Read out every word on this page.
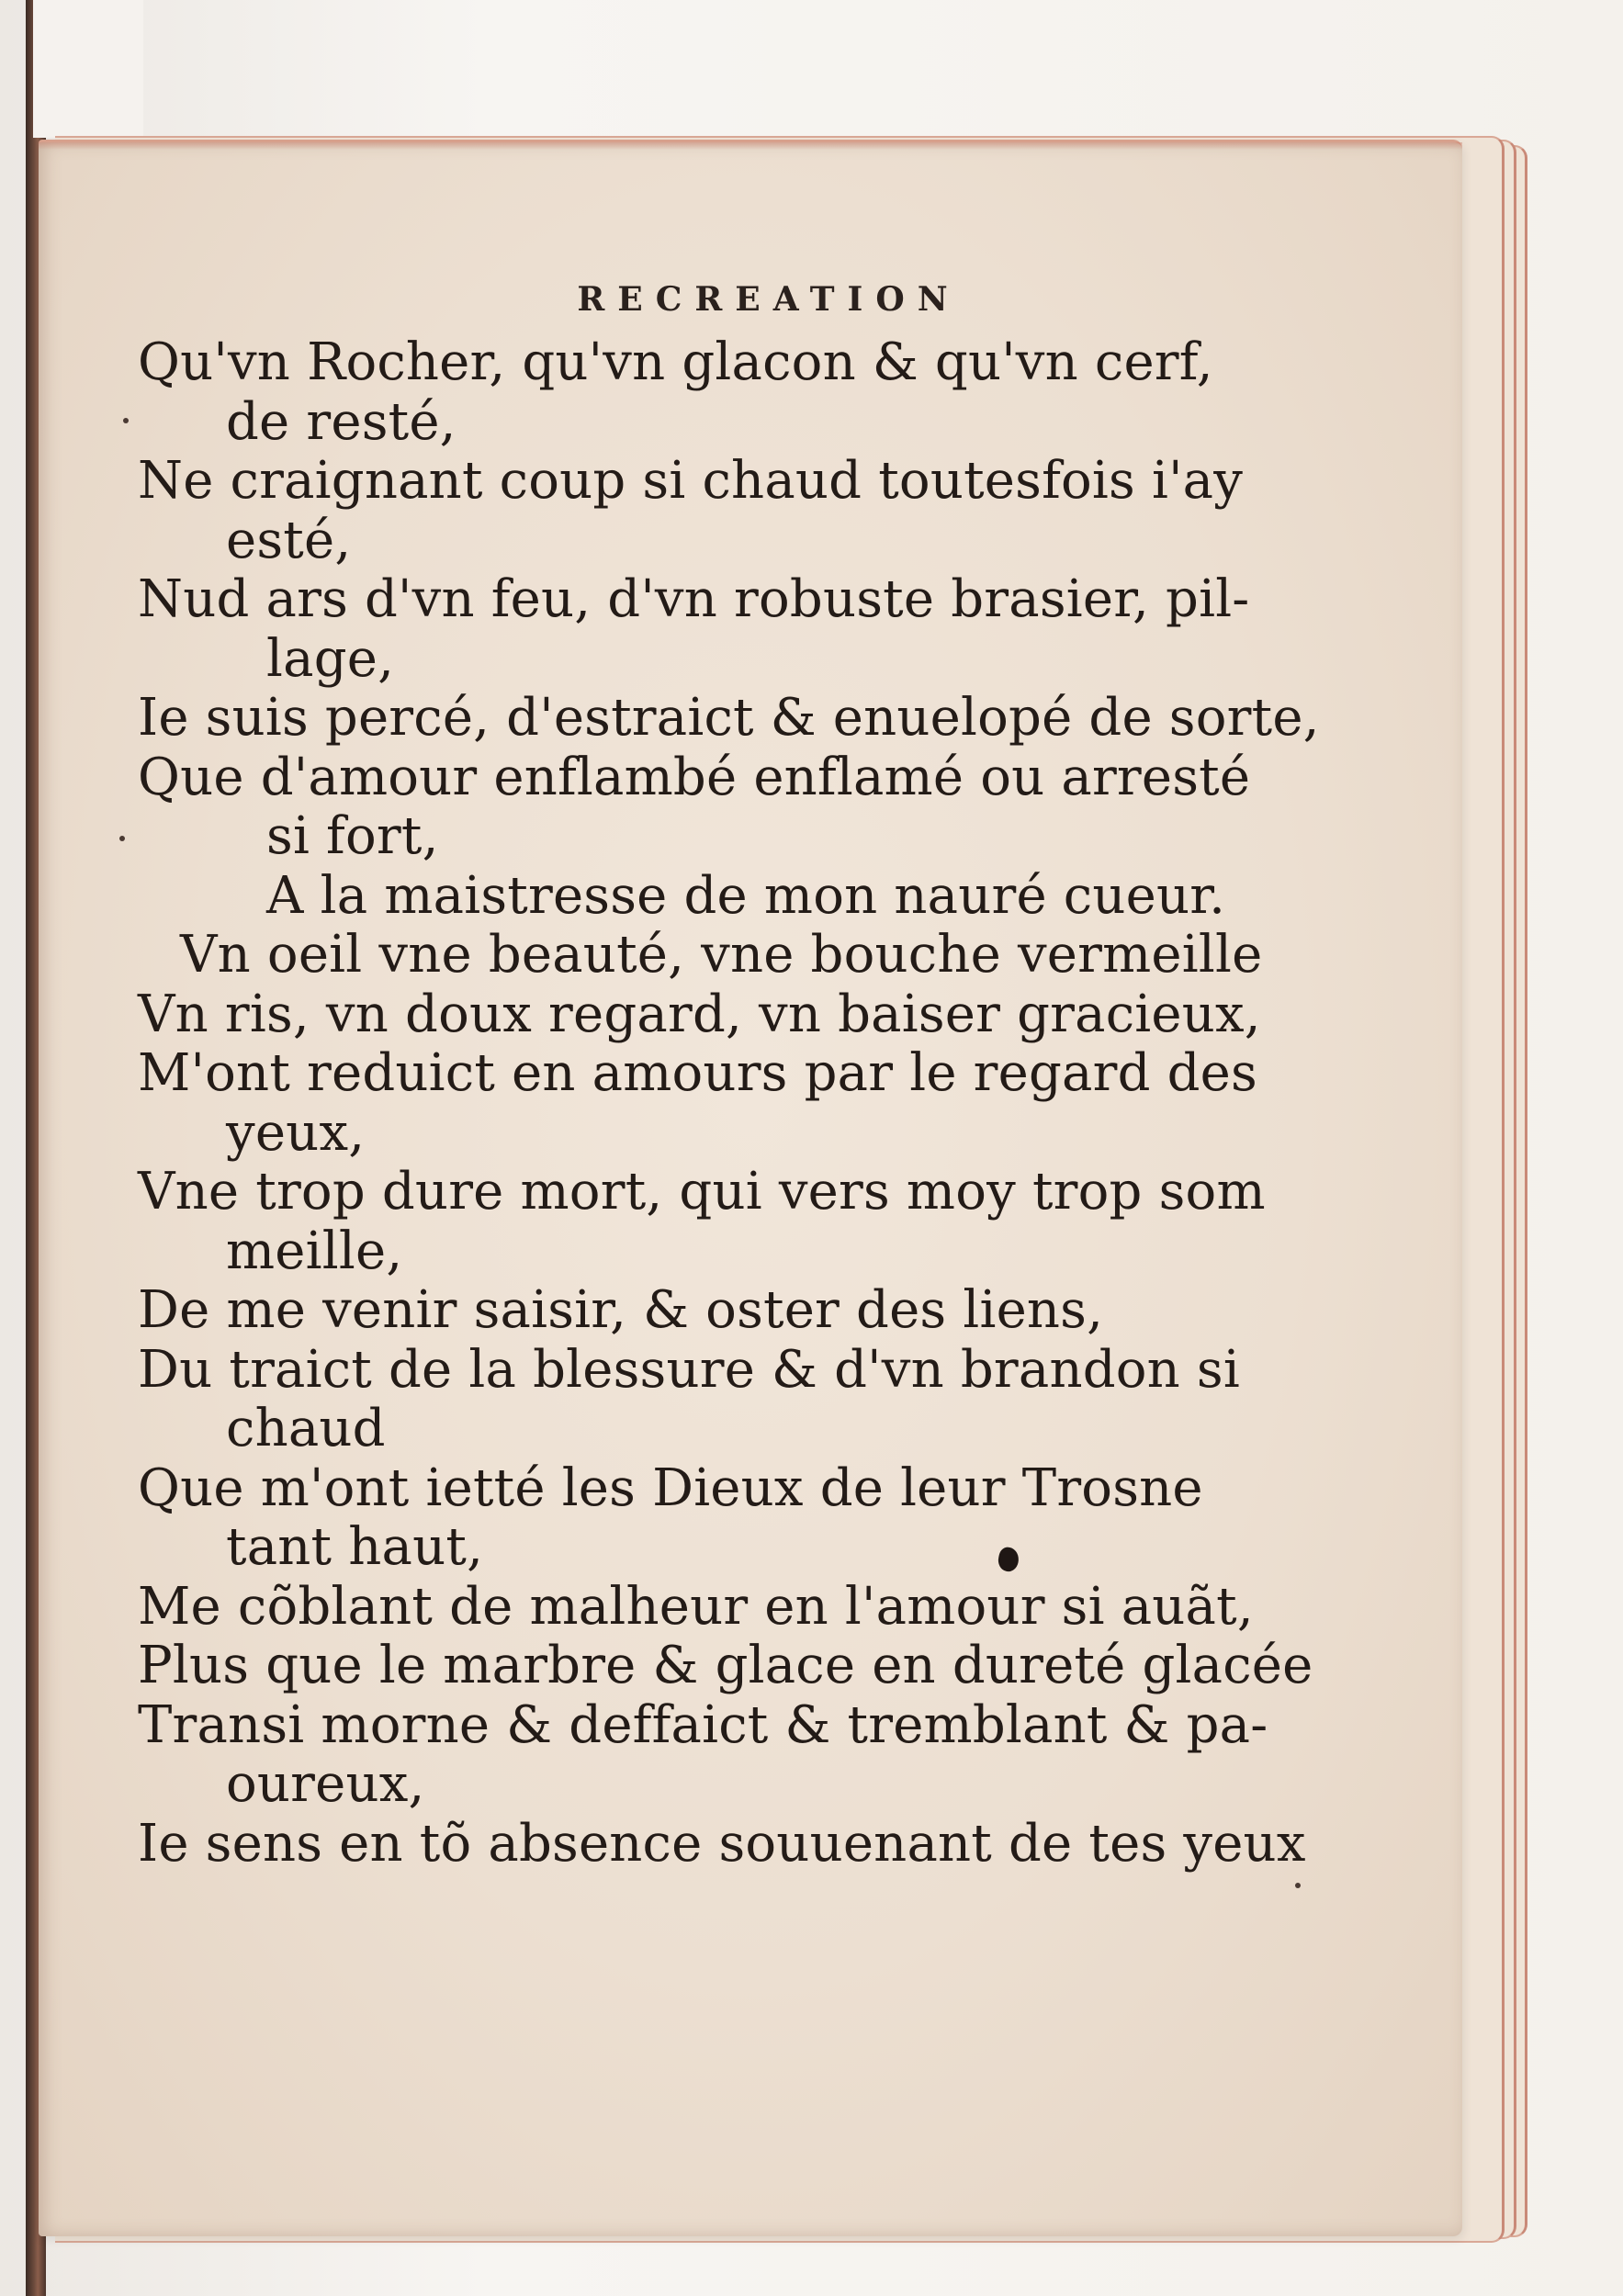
RECREATION
Qu'vn Rocher, qu'vn glacon & qu'vn cerf,
de resté,
Ne craignant coup si chaud toutesfois i'ay
esté,
Nud ars d'vn feu, d'vn robuste brasier, pil-
lage,
Ie suis percé, d'estraict & enuelopé de sorte,
Que d'amour enflambé enflamé ou arresté
si fort,
A la maistresse de mon nauré cueur.
Vn oeil vne beauté, vne bouche vermeille
Vn ris, vn doux regard, vn baiser gracieux,
M'ont reduict en amours par le regard des
yeux,
Vne trop dure mort, qui vers moy trop som
meille,
De me venir saisir, & oster des liens,
Du traict de la blessure & d'vn brandon si
chaud
Que m'ont ietté les Dieux de leur Trosne
tant haut,
Me cõblant de malheur en l'amour si auãt,
Plus que le marbre & glace en dureté glacée
Transi morne & deffaict & tremblant & pa-
oureux,
Ie sens en tõ absence souuenant de tes yeux
